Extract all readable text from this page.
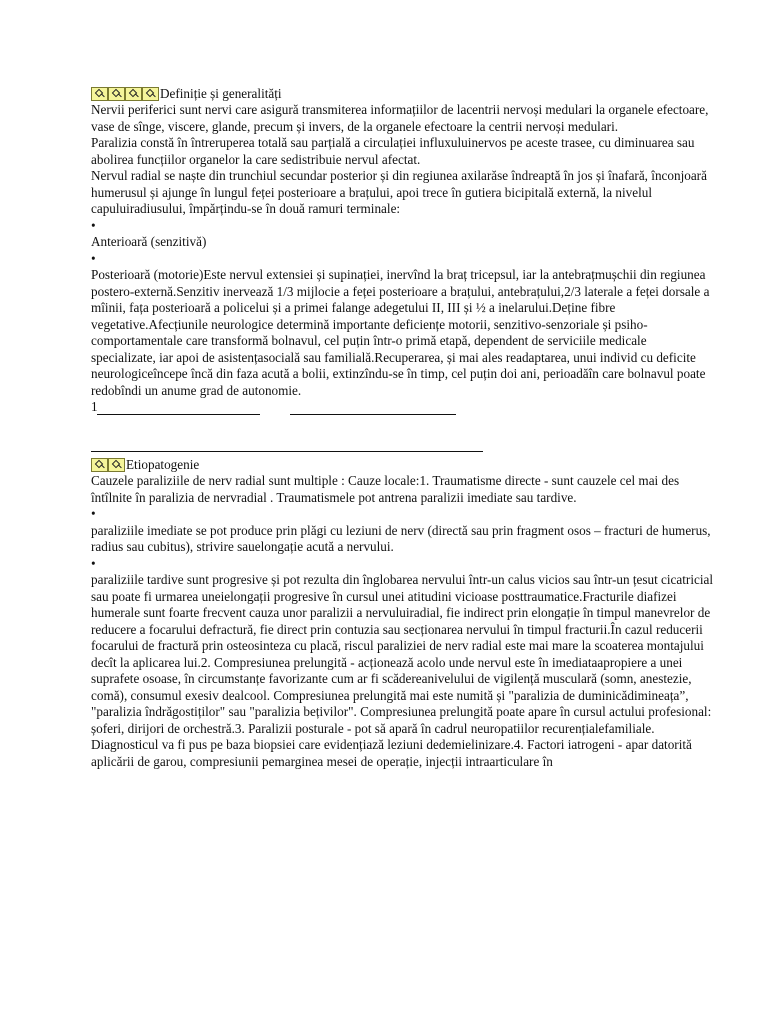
Definiție și generalități

Nervii periferici sunt nervi care asigură transmiterea informațiilor de lacentrii nervoși medulari la organele efectoare, vase de sînge, viscere, glande, precum și invers, de la organele efectoare la centrii nervoși medulari.

Paralizia constă în întreruperea totală sau parțială a circulației influxuluinervos pe aceste trasee, cu diminuarea sau abolirea funcțiilor organelor la care sedistribuie nervul afectat.

Nervul radial se naște din trunchiul secundar posterior și din regiunea axilarăse îndreaptă în jos și înafară, înconjoară humerusul și ajunge în lungul feței posterioare a brațului, apoi trece în gutiera bicipitală externă, la nivelul capuluiradiusului, împărțindu-se în două ramuri terminale:

•

Anterioară (senzitivă)

•

Posterioară (motorie)Este nervul extensiei și supinației, inervînd la braț tricepsul, iar la antebrațmușchii din regiunea postero-externă.Senzitiv inervează 1/3 mijlocie a feței posterioare a brațului, antebrațului,2/3 laterale a feței dorsale a mîinii, fața posterioară a policelui și a primei falange adegetului II, III și ½ a inelarului.Deține fibre vegetative.Afecțiunile neurologice determină importante deficiențe motorii, senzitivo-senzoriale și psiho-comportamentale care transformă bolnavul, cel puțin într-o primă etapă, dependent de serviciile medicale specializate, iar apoi de asistențasocială sau familială.Recuperarea, și mai ales readaptarea, unui individ cu deficite neurologiceîncepe încă din faza acută a bolii, extinzîndu-se în timp, cel puțin doi ani, perioadăîn care bolnavul poate redobîndi un anume grad de autonomie.

1
Etiopatogenie

Cauzele paraliziile de nerv radial sunt multiple : Cauze locale:1. Traumatisme directe - sunt cauzele cel mai des întîlnite în paralizia de nervradial . Traumatismele pot antrena paralizii imediate sau tardive.

•

paraliziile imediate se pot produce prin plăgi cu leziuni de nerv (directă sau prin fragment osos – fracturi de humerus, radius sau cubitus), strivire sauelongație acută a nervului.

•

paraliziile tardive sunt progresive și pot rezulta din înglobarea nervului într-un calus vicios sau într-un țesut cicatricial sau poate fi urmarea uneielongații progresive în cursul unei atitudini vicioase posttraumatice.Fracturile diafizei humerale sunt foarte frecvent cauza unor paralizii a nervuluiradial, fie indirect prin elongație în timpul manevrelor de reducere a focarului defractură, fie direct prin contuzia sau secționarea nervului în timpul fracturii.În cazul reducerii focarului de fractură prin osteosinteza cu placă, riscul paraliziei de nerv radial este mai mare la scoaterea montajului decît la aplicarea lui.2. Compresiunea prelungită - acționează acolo unde nervul este în imediataapropiere a unei suprafete osoase, în circumstanțe favorizante cum ar fi scădereanivelului de vigilență musculară (somn, anestezie, comă), consumul exesiv dealcool. Compresiunea prelungită mai este numită și "paralizia de duminicădimineața”, "paralizia îndrăgostiților" sau "paralizia bețivilor". Compresiunea prelungită poate apare în cursul actului profesional: șoferi, dirijori de orchestră.3. Paralizii posturale - pot să apară în cadrul neuropatiilor recurențialefamiliale. Diagnosticul va fi pus pe baza biopsiei care evidențiază leziuni dedemielinizare.4. Factori iatrogeni - apar datorită aplicării de garou, compresiunii pemarginea mesei de operație, injecții intraarticulare în
